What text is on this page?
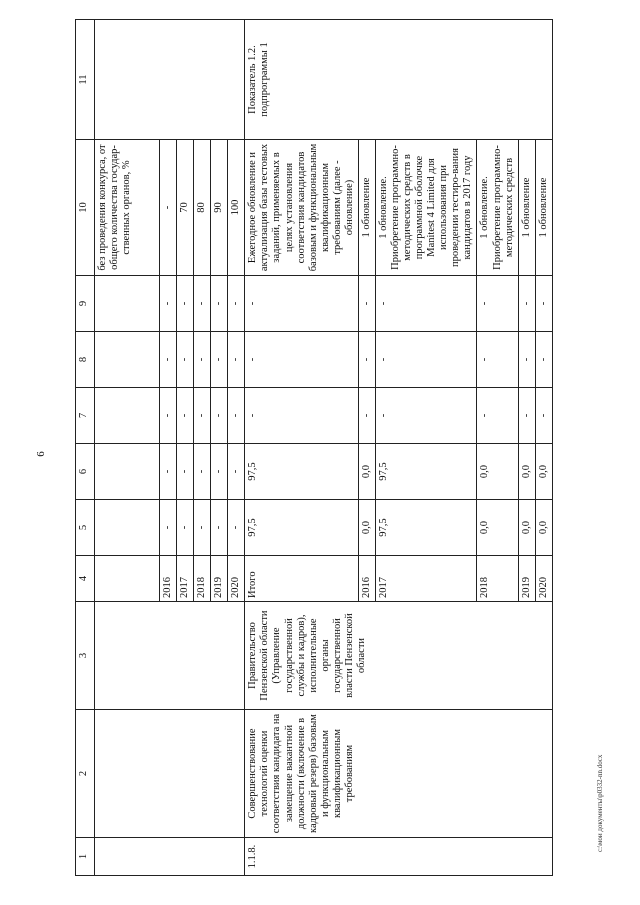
6
1	2	3	4	5	6	7	8	9	10	11
									без проведения конкурса, от общего количества государ-ственных органов, %	
			2016	-	-	-	-	-	-	
			2017	-	-	-	-	-	70	
			2018	-	-	-	-	-	80	
			2019	-	-	-	-	-	90	
			2020	-	-	-	-	-	100	
1.1.8.	Совершенствование технологий оценки соответствия кандидата на замещение вакантной должности (включение в кадровый резерв) базовым и функциональным квалификационным требованиям	Правительство Пензенской области (Управление государственной службы и кадров), исполнительные органы государственной власти Пензенской области	Итого	97,5	97,5	-	-	-	Ежегодное обновление и актуализация базы тестовых заданий, применяемых в целях установления соответствия кандидатов базовым и функциональным квалификационным требованиям (далее - обновление)	Показатель 1.2. подпрограммы 1
			2016	0,0	0,0	-	-	-	1 обновление	
			2017	97,5	97,5	-	-	-	1 обновление. Приобретение программно-методических средств в программной оболочке Manitest 4 Limited для использования при проведении тестиро-вания кандидатов в 2017 году	
			2018	0,0	0,0	-	-	-	1 обновление. Приобретение программно-методических средств	
			2019	0,0	0,0	-	-	-	1 обновление	
			2020	0,0	0,0	-	-	-	1 обновление	
c:\мои документы\p0332-nn.docx
